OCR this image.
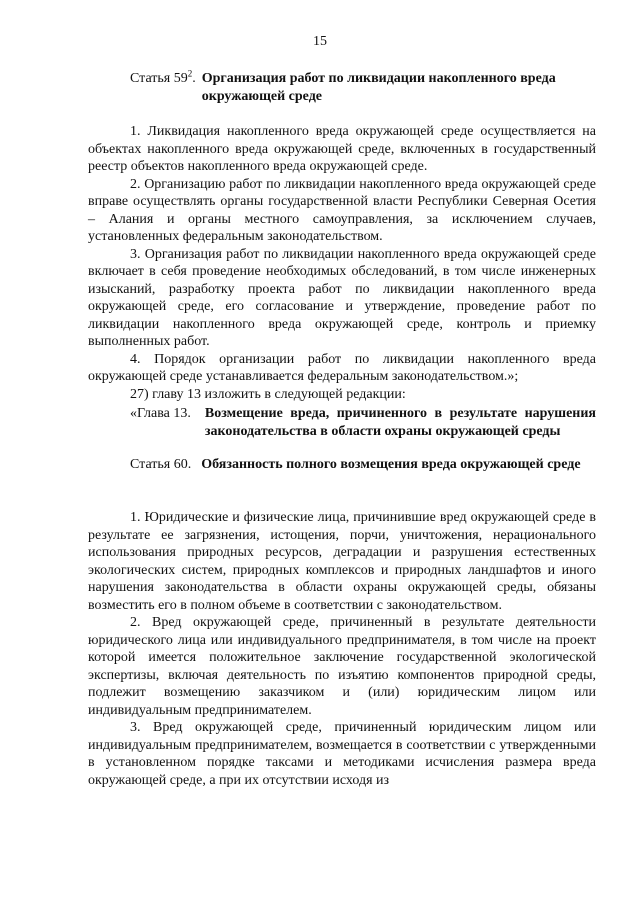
15
Статья $59^2$. Организация работ по ликвидации накопленного вреда окружающей среде

1. Ликвидация накопленного вреда окружающей среде осуществляется на объектах накопленного вреда окружающей среде, включенных в государственный реестр объектов накопленного вреда окружающей среде.

2. Организацию работ по ликвидации накопленного вреда окружающей среде вправе осуществлять органы государственной власти Республики Северная Осетия – Алания и органы местного самоуправления, за исключением случаев, установленных федеральным законодательством.

3. Организация работ по ликвидации накопленного вреда окружающей среде включает в себя проведение необходимых обследований, в том числе инженерных изысканий, разработку проекта работ по ликвидации накопленного вреда окружающей среде, его согласование и утверждение, проведение работ по ликвидации накопленного вреда окружающей среде, контроль и приемку выполненных работ.

4. Порядок организации работ по ликвидации накопленного вреда окружающей среде устанавливается федеральным законодательством.»;

27) главу 13 изложить в следующей редакции:

«Глава 13.	Возмещение вреда, причиненного в результате нарушения законодательства в области охраны окружающей среды
Статья 60. Обязанность полного возмещения вреда окружающей среде

1. Юридические и физические лица, причинившие вред окружающей среде в результате ее загрязнения, истощения, порчи, уничтожения, нерационального использования природных ресурсов, деградации и разрушения естественных экологических систем, природных комплексов и природных ландшафтов и иного нарушения законодательства в области охраны окружающей среды, обязаны возместить его в полном объеме в соответствии с законодательством.

2. Вред окружающей среде, причиненный в результате деятельности юридического лица или индивидуального предпринимателя, в том числе на проект которой имеется положительное заключение государственной экологической экспертизы, включая деятельность по изъятию компонентов природной среды, подлежит возмещению заказчиком и (или) юридическим лицом или индивидуальным предпринимателем.

3. Вред окружающей среде, причиненный юридическим лицом или индивидуальным предпринимателем, возмещается в соответствии с утвержденными в установленном порядке таксами и методиками исчисления размера вреда окружающей среде, а при их отсутствии исходя из
